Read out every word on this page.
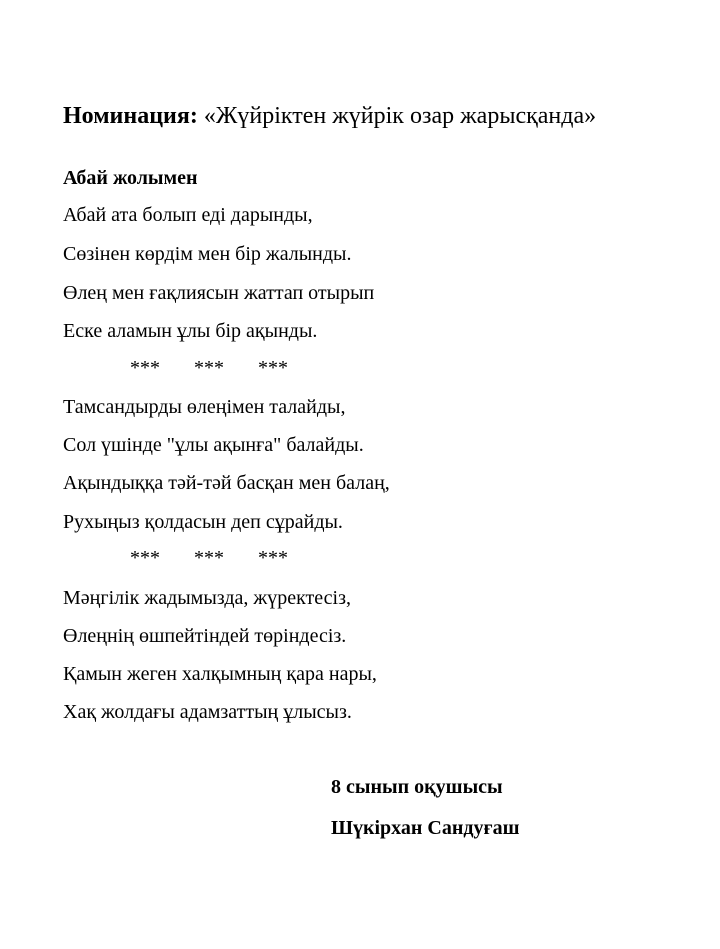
Номинация: «Жүйріктен жүйрік озар жарысқанда»
Абай жолымен
Абай ата болып еді дарынды,
Сөзінен көрдім мен бір жалынды.
Өлең мен ғақлиясын жаттап отырып
Еске аламын ұлы бір ақынды.
*** *** ***
Тамсандырды өлеңімен талайды,
Сол үшінде "ұлы ақынға" балайды.
Ақындыққа тәй-тәй басқан мен балаң,
Рухыңыз қолдасын деп сұрайды.
*** *** ***
Мәңгілік жадымызда, жүректесіз,
Өлеңнің өшпейтіндей төріндесіз.
Қамын жеген халқымның қара нары,
Хақ жолдағы адамзаттың ұлысыз.
8 сынып оқушысы
Шүкірхан Сандуғаш
